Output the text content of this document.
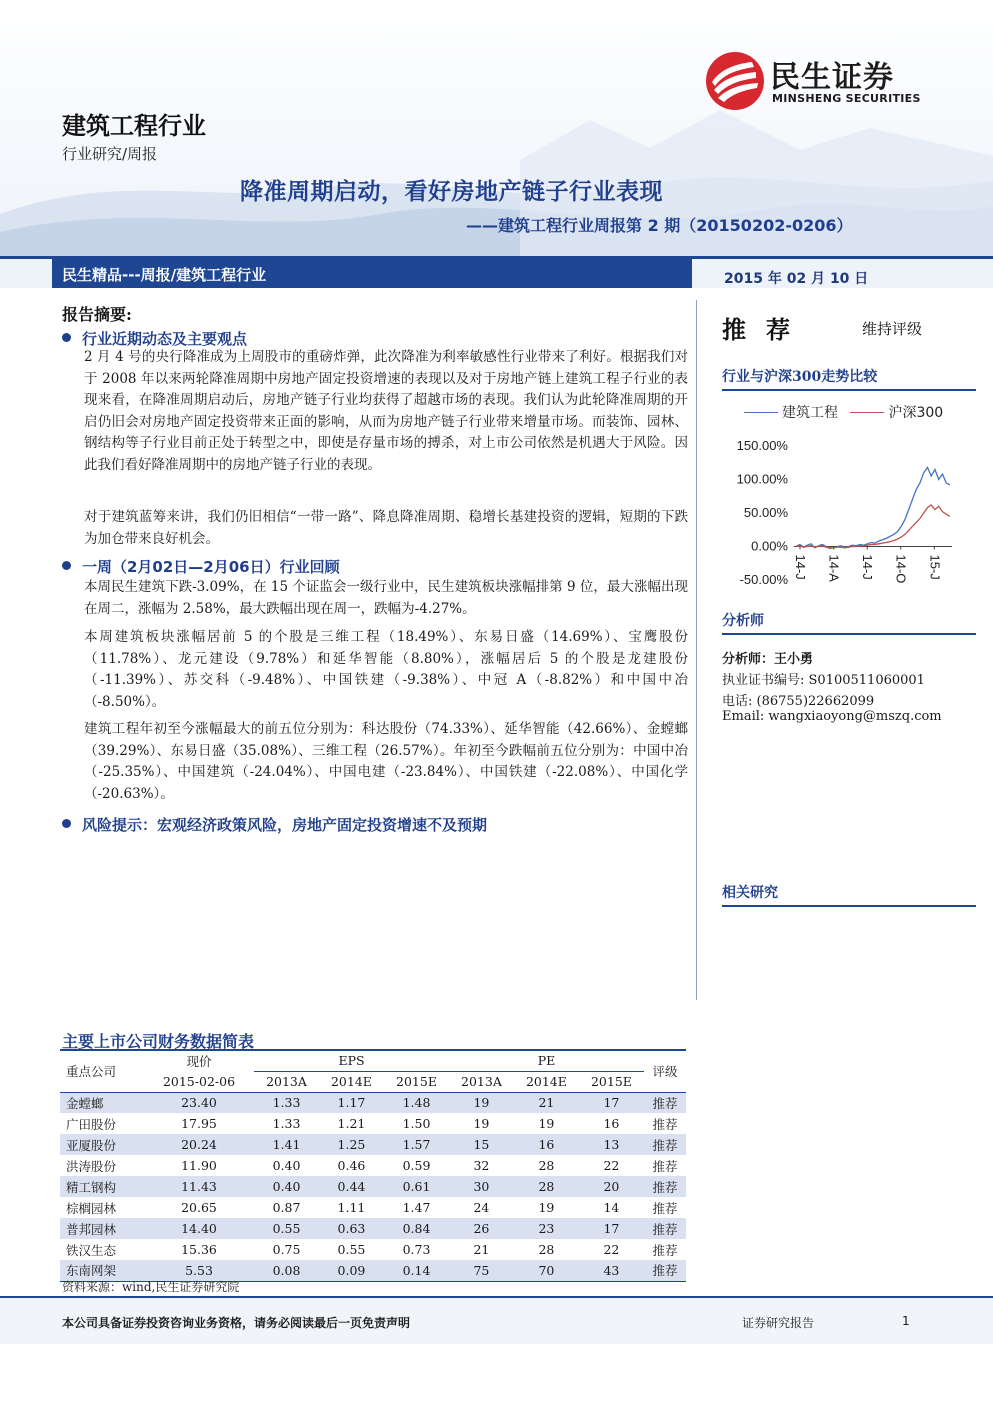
民生证券
MINSHENG SECURITIES
建筑工程行业
行业研究/周报
降准周期启动，看好房地产链子行业表现
——建筑工程行业周报第 2 期（20150202-0206）
民生精品---周报/建筑工程行业	2015 年 02 月 10 日
报告摘要:
行业近期动态及主要观点

2 月 4 号的央行降准成为上周股市的重磅炸弹，此次降准为利率敏感性行业带来了利好。根据我们对于 2008 年以来两轮降准周期中房地产固定投资增速的表现以及对于房地产链上建筑工程子行业的表现来看，在降准周期启动后，房地产链子行业均获得了超越市场的表现。我们认为此轮降准周期的开启仍旧会对房地产固定投资带来正面的影响，从而为房地产链子行业带来增量市场。而装饰、园林、钢结构等子行业目前正处于转型之中，即使是存量市场的搏杀，对上市公司依然是机遇大于风险。因此我们看好降准周期中的房地产链子行业的表现。

对于建筑蓝筹来讲，我们仍旧相信“一带一路”、降息降准周期、稳增长基建投资的逻辑，短期的下跌为加仓带来良好机会。

一周（2月02日—2月06日）行业回顾

本周民生建筑下跌-3.09%，在 15 个证监会一级行业中，民生建筑板块涨幅排第 9 位，最大涨幅出现在周二，涨幅为 2.58%，最大跌幅出现在周一，跌幅为-4.27%。

本周建筑板块涨幅居前 5 的个股是三维工程（18.49%）、东易日盛（14.69%）、宝鹰股份（11.78%）、龙元建设（9.78%）和延华智能（8.80%），涨幅居后 5 的个股是龙建股份（-11.39%）、苏交科（-9.48%）、中国铁建（-9.38%）、中冠 A（-8.82%）和中国中冶（-8.50%）。

建筑工程年初至今涨幅最大的前五位分别为：科达股份（74.33%）、延华智能（42.66%）、金螳螂（39.29%）、东易日盛（35.08%）、三维工程（26.57%）。年初至今跌幅前五位分别为：中国中冶（-25.35%）、中国建筑（-24.04%）、中国电建（-23.84%）、中国铁建（-22.08%）、中国化学（-20.63%）。

风险提示：宏观经济政策风险，房地产固定投资增速不及预期
推荐	维持评级
行业与沪深300走势比较
建筑工程	沪深300
150.00%
100.00%
50.00%
0.00%
-50.00% 14-J 14-A 14-J 14-O 15-J
分析师
分析师：王小勇
执业证书编号: S0100511060001
电话: (86755)22662099
Email: wangxiaoyong@mszq.com
相关研究
主要上市公司财务数据简表
重点公司	现价	EPS			PE			评级
	2015-02-06	2013A	2014E	2015E	2013A	2014E	2015E	
金螳螂	23.40	1.33	1.17	1.48	19	21	17	推荐
广田股份	17.95	1.33	1.21	1.50	19	19	16	推荐
亚厦股份	20.24	1.41	1.25	1.57	15	16	13	推荐
洪涛股份	11.90	0.40	0.46	0.59	32	28	22	推荐
精工钢构	11.43	0.40	0.44	0.61	30	28	20	推荐
棕榈园林	20.65	0.87	1.11	1.47	24	19	14	推荐
普邦园林	14.40	0.55	0.63	0.84	26	23	17	推荐
铁汉生态	15.36	0.75	0.55	0.73	21	28	22	推荐
东南网架	5.53	0.08	0.09	0.14	75	70	43	推荐
资料来源：wind,民生证券研究院
本公司具备证券投资咨询业务资格，请务必阅读最后一页免责声明	证券研究报告	1
